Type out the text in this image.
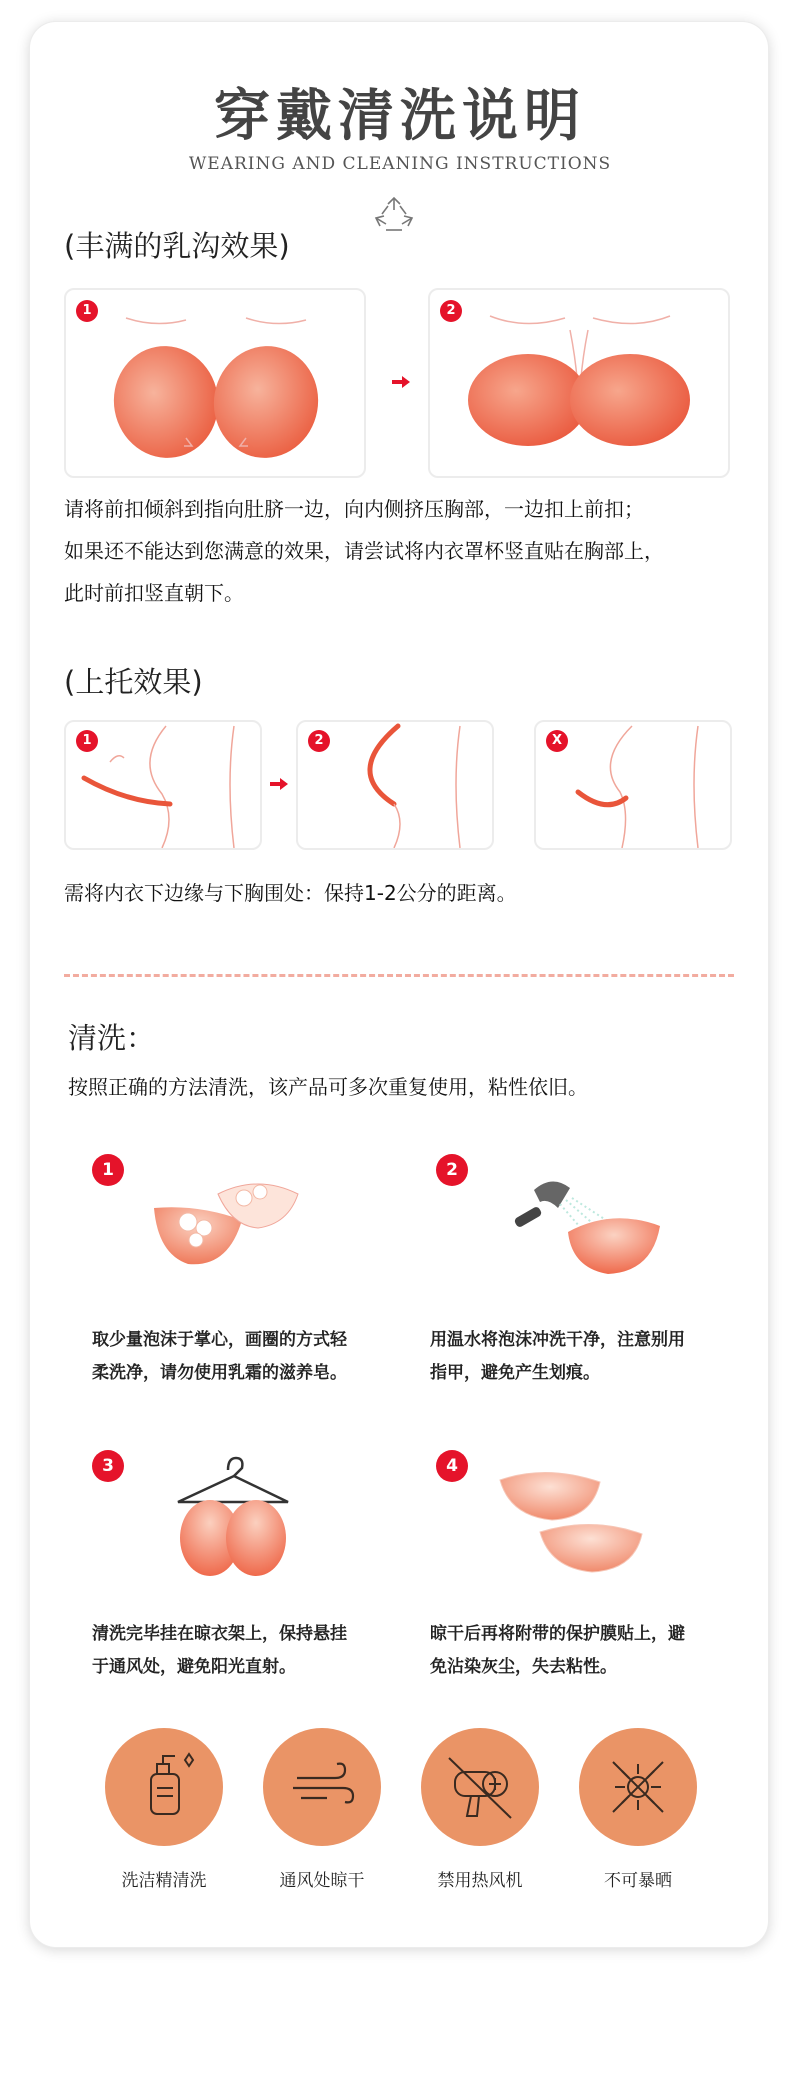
穿戴清洗说明
WEARING AND CLEANING INSTRUCTIONS
(丰满的乳沟效果)
1	2
请将前扣倾斜到指向肚脐一边，向内侧挤压胸部，一边扣上前扣；
如果还不能达到您满意的效果，请尝试将内衣罩杯竖直贴在胸部上，
此时前扣竖直朝下。
(上托效果)
1	2	X
需将内衣下边缘与下胸围处：保持1-2公分的距离。
清洗：
按照正确的方法清洗，该产品可多次重复使用，粘性依旧。
1
取少量泡沫于掌心，画圈的方式轻
柔洗净，请勿使用乳霜的滋养皂。
2
用温水将泡沫冲洗干净，注意别用
指甲，避免产生划痕。
3
清洗完毕挂在晾衣架上，保持悬挂
于通风处，避免阳光直射。
4
晾干后再将附带的保护膜贴上，避
免沾染灰尘，失去粘性。
洗洁精清洗	通风处晾干	禁用热风机	不可暴晒
